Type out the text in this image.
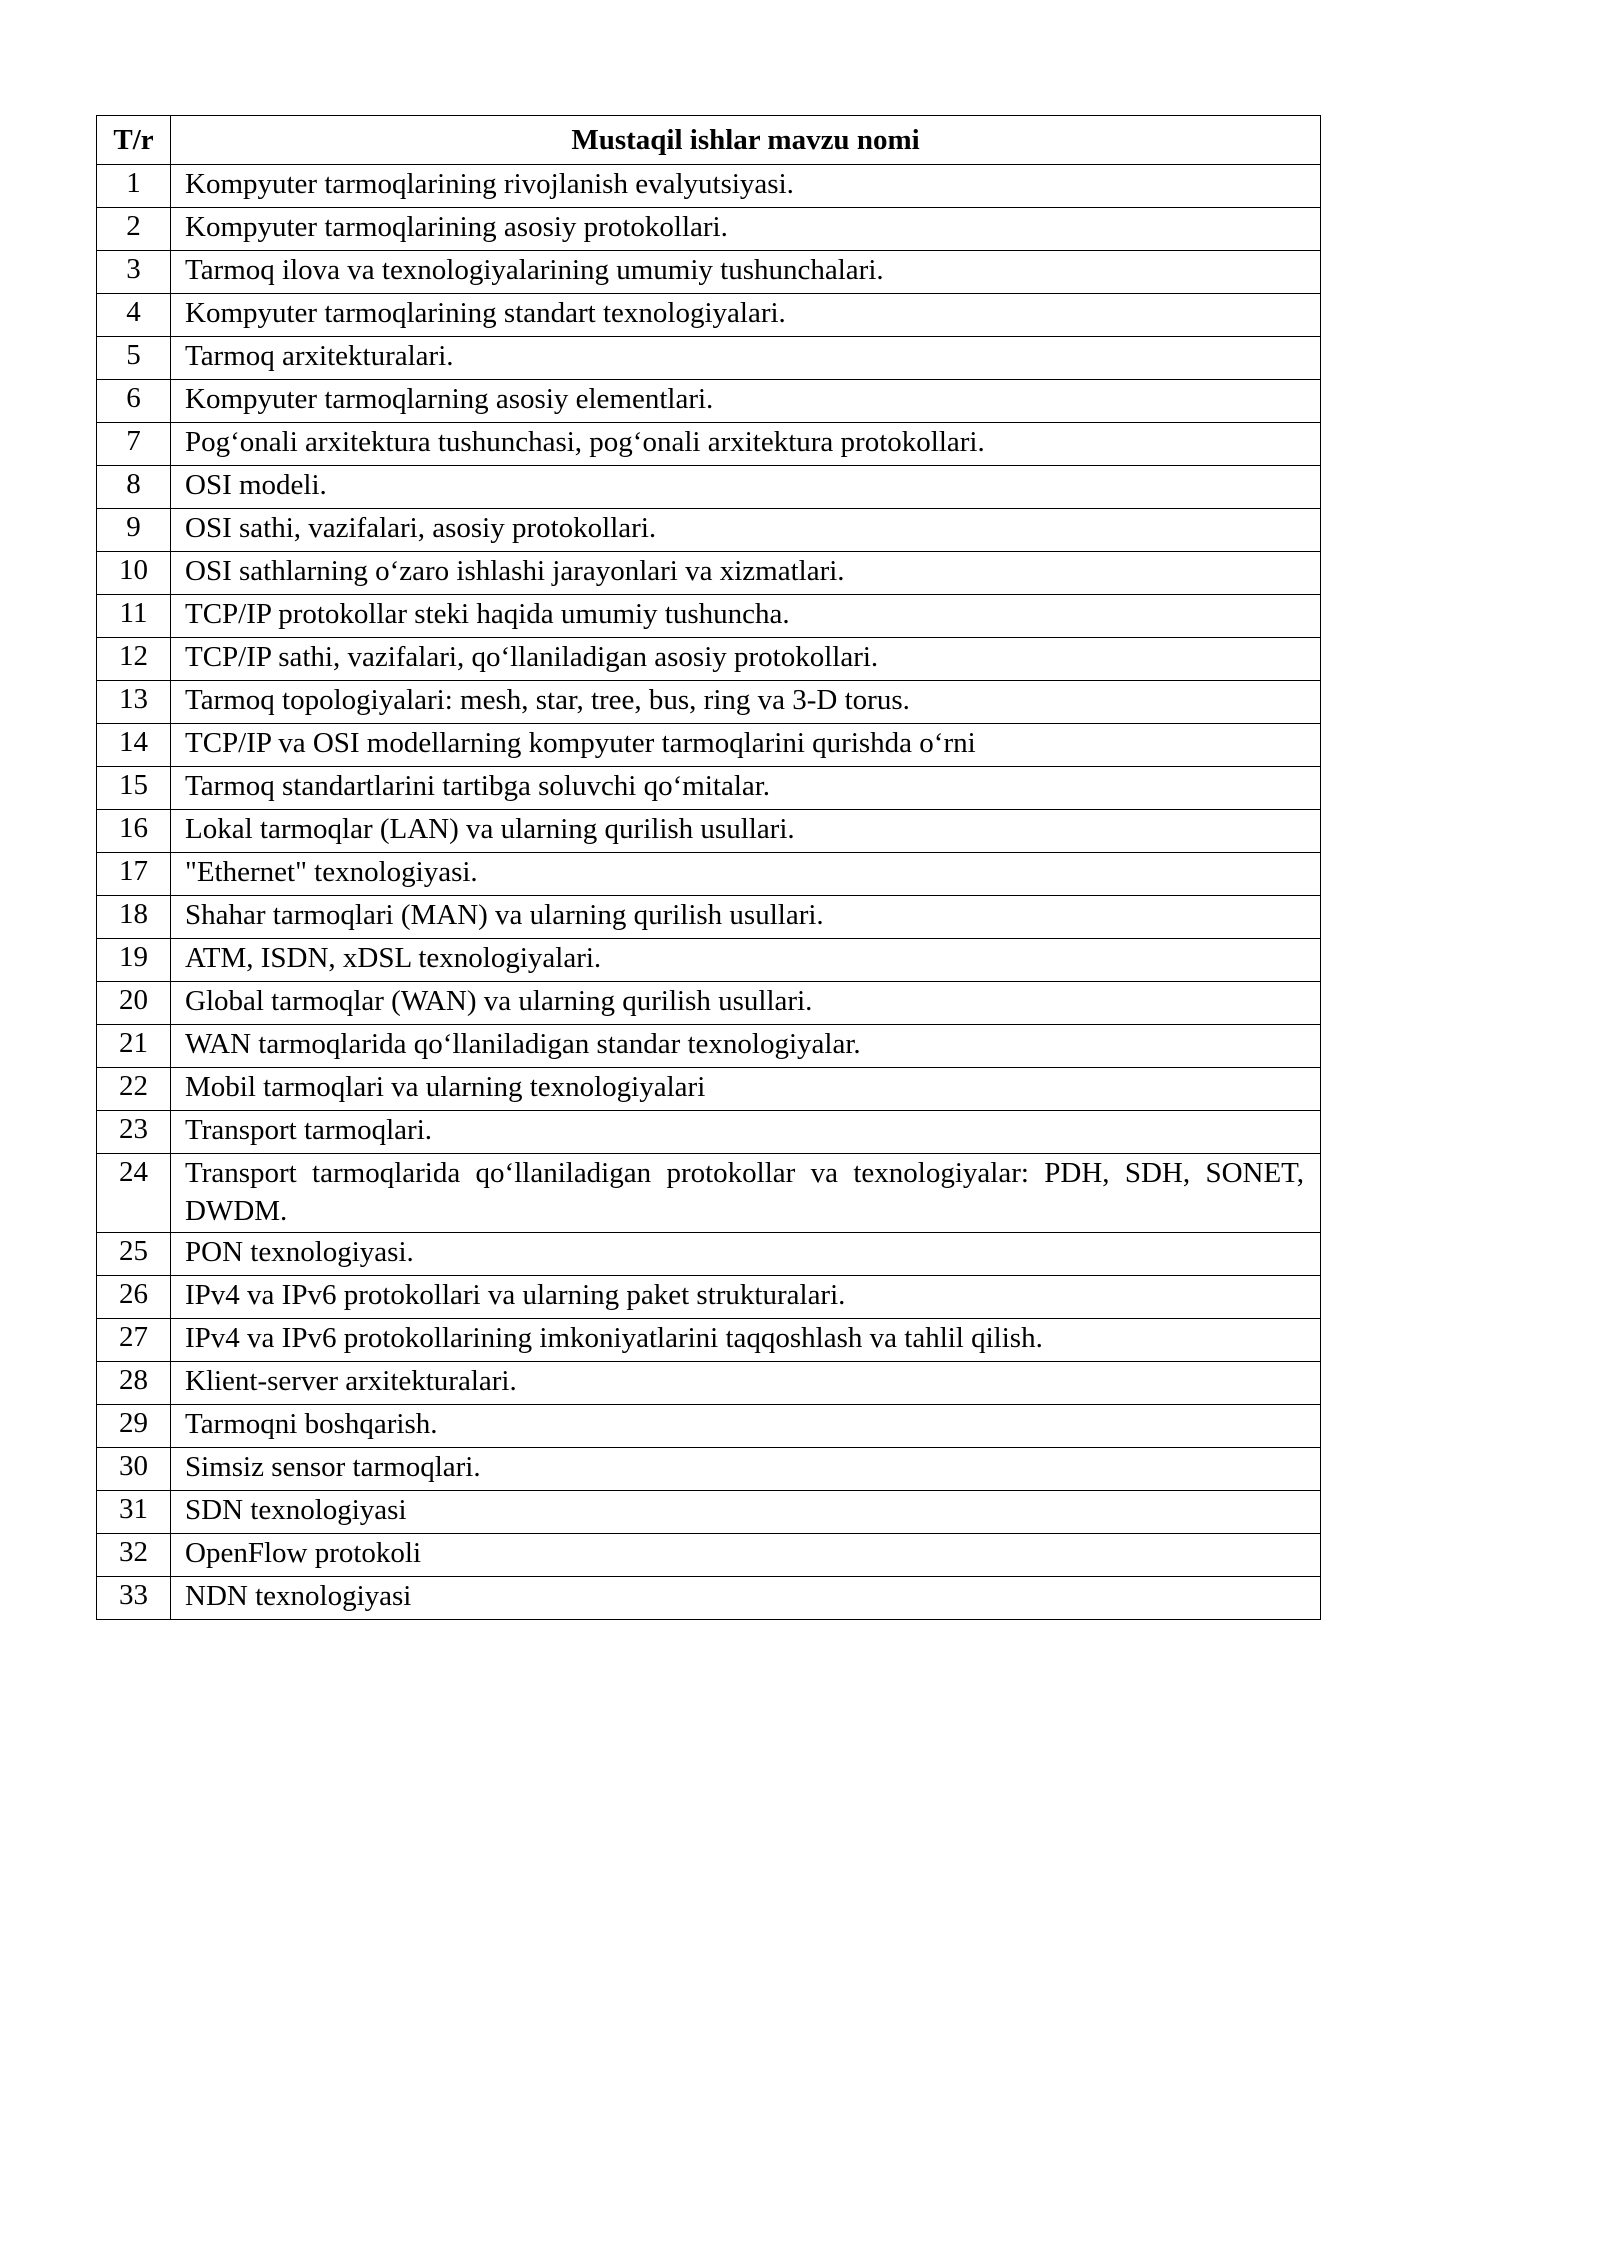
T/r	Mustaqil ishlar mavzu nomi
1	Kompyuter tarmoqlarining rivojlanish evalyutsiyasi.
2	Kompyuter tarmoqlarining asosiy protokollari.
3	Tarmoq ilova va texnologiyalarining umumiy tushunchalari.
4	Kompyuter tarmoqlarining standart texnologiyalari.
5	Tarmoq arxitekturalari.
6	Kompyuter tarmoqlarning asosiy elementlari.
7	Pog‘onali arxitektura tushunchasi, pog‘onali arxitektura protokollari.
8	OSI modeli.
9	OSI sathi, vazifalari, asosiy protokollari.
10	OSI sathlarning o‘zaro ishlashi jarayonlari va xizmatlari.
11	TCP/IP protokollar steki haqida umumiy tushuncha.
12	TCP/IP sathi, vazifalari, qo‘llaniladigan asosiy protokollari.
13	Tarmoq topologiyalari: mesh, star, tree, bus, ring va 3-D torus.
14	TCP/IP va OSI modellarning kompyuter tarmoqlarini qurishda o‘rni
15	Tarmoq standartlarini tartibga soluvchi qo‘mitalar.
16	Lokal tarmoqlar (LAN) va ularning qurilish usullari.
17	"Ethernet" texnologiyasi.
18	Shahar tarmoqlari (MAN) va ularning qurilish usullari.
19	ATM, ISDN, xDSL texnologiyalari.
20	Global tarmoqlar (WAN) va ularning qurilish usullari.
21	WAN tarmoqlarida qo‘llaniladigan standar texnologiyalar.
22	Mobil tarmoqlari va ularning texnologiyalari
23	Transport tarmoqlari.
24	Transport tarmoqlarida qo‘llaniladigan protokollar va texnologiyalar: PDH, SDH, SONET, DWDM.
25	PON texnologiyasi.
26	IPv4 va IPv6 protokollari va ularning paket strukturalari.
27	IPv4 va IPv6 protokollarining imkoniyatlarini taqqoshlash va tahlil qilish.
28	Klient-server arxitekturalari.
29	Tarmoqni boshqarish.
30	Simsiz sensor tarmoqlari.
31	SDN texnologiyasi
32	OpenFlow protokoli
33	NDN texnologiyasi
